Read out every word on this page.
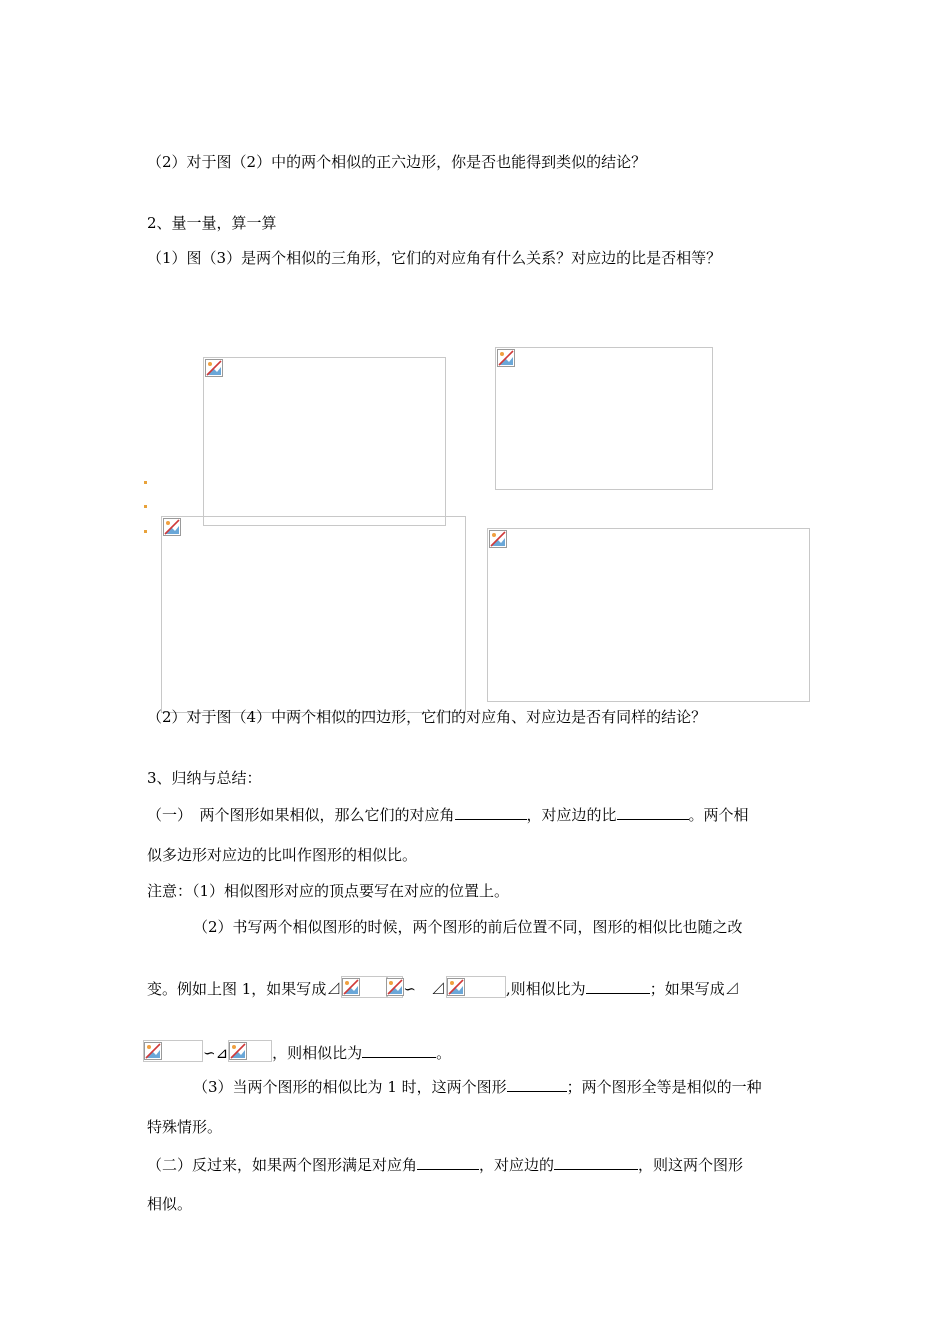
（2）对于图（2）中的两个相似的正六边形，你是否也能得到类似的结论？
2、量一量，算一算
（1）图（3）是两个相似的三角形，它们的对应角有什么关系？对应边的比是否相等？
（2）对于图（4）中两个相似的四边形，它们的对应角、对应边是否有同样的结论？
3、归纳与总结：
（一）　两个图形如果相似，那么它们的对应角	，对应边的比	。两个相
似多边形对应边的比叫作图形的相似比。
注意：（1）相似图形对应的顶点要写在对应的位置上。
（2）书写两个相似图形的时候，两个图形的前后位置不同，图形的相似比也随之改
变。例如上图 1，如果写成⊿	∽　⊿	,则相似比为	；如果写成⊿
∽⊿	，则相似比为	。
（3）当两个图形的相似比为 1 时，这两个图形	；两个图形全等是相似的一种
特殊情形。
（二）反过来，如果两个图形满足对应角	，对应边的	，则这两个图形
相似。
